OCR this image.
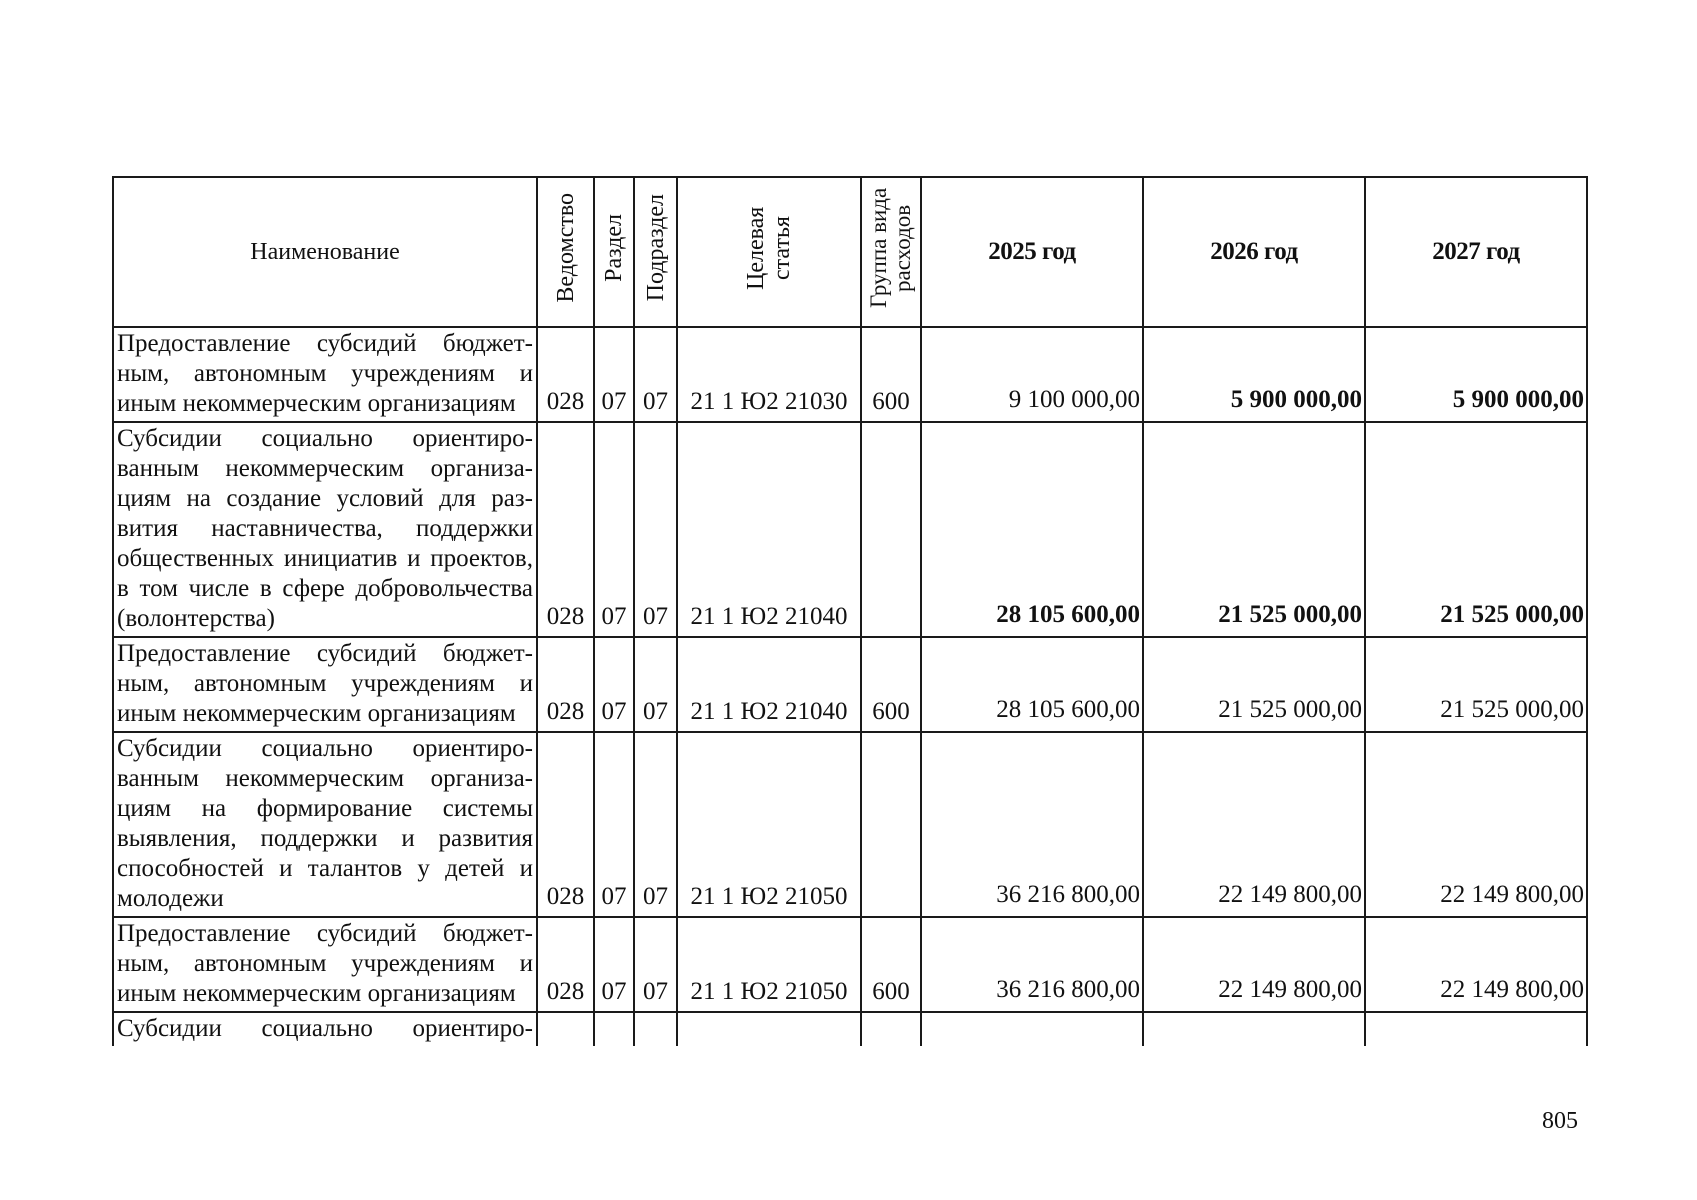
Наименование	Ведомство	Раздел	Подраздел	Целевая статья	Группа вида расходов	2025 год	2026 год	2027 год
Предоставление субсидий бюджетным, автономным учреждениям и иным некоммерческим организациям	028	07	07	21 1 Ю2 21030	600	9 100 000,00	5 900 000,00	5 900 000,00
Субсидии социально ориентированным некоммерческим организациям на создание условий для развития наставничества, поддержки общественных инициатив и проектов, в том числе в сфере добровольчества (волонтерства)	028	07	07	21 1 Ю2 21040		28 105 600,00	21 525 000,00	21 525 000,00
Предоставление субсидий бюджетным, автономным учреждениям и иным некоммерческим организациям	028	07	07	21 1 Ю2 21040	600	28 105 600,00	21 525 000,00	21 525 000,00
Субсидии социально ориентированным некоммерческим организациям на формирование системы выявления, поддержки и развития способностей и талантов у детей и молодежи	028	07	07	21 1 Ю2 21050		36 216 800,00	22 149 800,00	22 149 800,00
Предоставление субсидий бюджетным, автономным учреждениям и иным некоммерческим организациям	028	07	07	21 1 Ю2 21050	600	36 216 800,00	22 149 800,00	22 149 800,00
Субсидии социально ориентиро-								
805
